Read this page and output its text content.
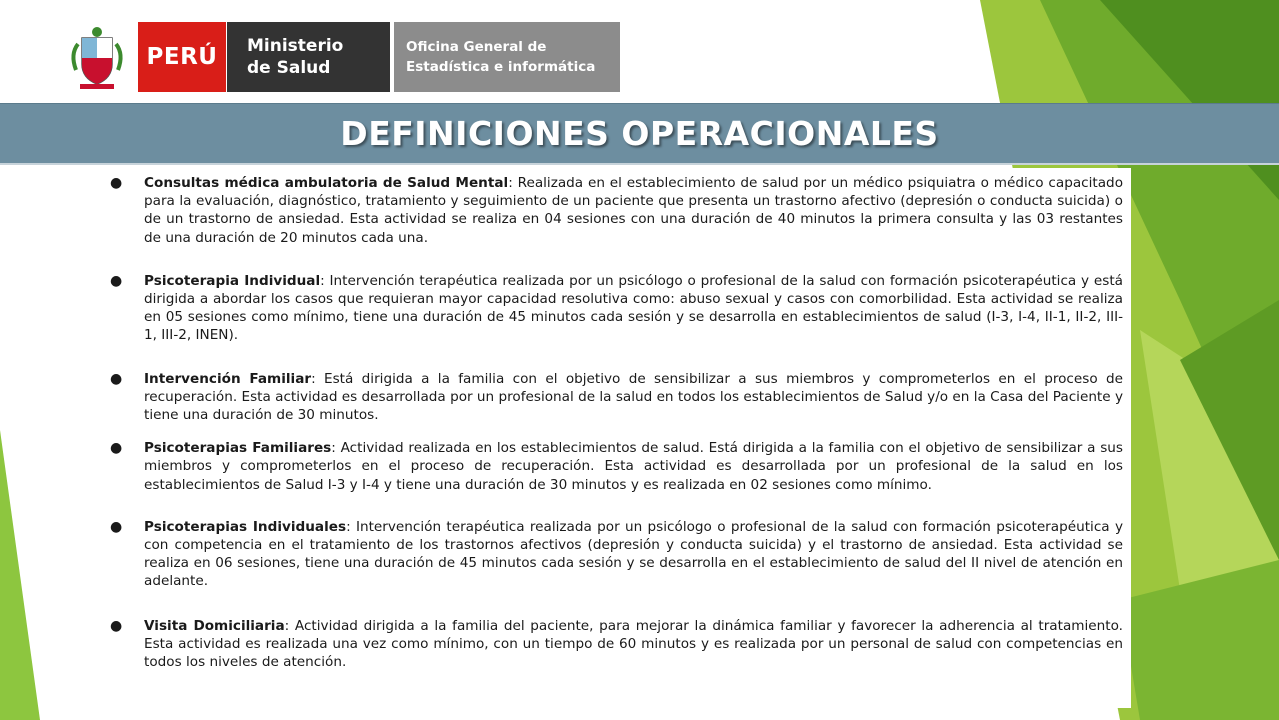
PERÚ Ministerio
de Salud
Oficina General de
Estadística e informática
DEFINICIONES OPERACIONALES

● Consultas médica ambulatoria de Salud Mental: Realizada en el establecimiento de salud por un médico psiquiatra o médico capacitado para la evaluación, diagnóstico, tratamiento y seguimiento de un paciente que presenta un trastorno afectivo (depresión o conducta suicida) o de un trastorno de ansiedad. Esta actividad se realiza en 04 sesiones con una duración de 40 minutos la primera consulta y las 03 restantes de una duración de 20 minutos cada una.

● Psicoterapia Individual: Intervención terapéutica realizada por un psicólogo o profesional de la salud con formación psicoterapéutica y está dirigida a abordar los casos que requieran mayor capacidad resolutiva como: abuso sexual y casos con comorbilidad. Esta actividad se realiza en 05 sesiones como mínimo, tiene una duración de 45 minutos cada sesión y se desarrolla en establecimientos de salud (I-3, I-4, II-1, II-2, III-1, III-2, INEN).

● Intervención Familiar: Está dirigida a la familia con el objetivo de sensibilizar a sus miembros y comprometerlos en el proceso de recuperación. Esta actividad es desarrollada por un profesional de la salud en todos los establecimientos de Salud y/o en la Casa del Paciente y tiene una duración de 30 minutos.

● Psicoterapias Familiares: Actividad realizada en los establecimientos de salud. Está dirigida a la familia con el objetivo de sensibilizar a sus miembros y comprometerlos en el proceso de recuperación. Esta actividad es desarrollada por un profesional de la salud en los establecimientos de Salud I-3 y I-4 y tiene una duración de 30 minutos y es realizada en 02 sesiones como mínimo.

● Psicoterapias Individuales: Intervención terapéutica realizada por un psicólogo o profesional de la salud con formación psicoterapéutica y con competencia en el tratamiento de los trastornos afectivos (depresión y conducta suicida) y el trastorno de ansiedad. Esta actividad se realiza en 06 sesiones, tiene una duración de 45 minutos cada sesión y se desarrolla en el establecimiento de salud del II nivel de atención en adelante.

● Visita Domiciliaria: Actividad dirigida a la familia del paciente, para mejorar la dinámica familiar y favorecer la adherencia al tratamiento. Esta actividad es realizada una vez como mínimo, con un tiempo de 60 minutos y es realizada por un personal de salud con competencias en todos los niveles de atención.
